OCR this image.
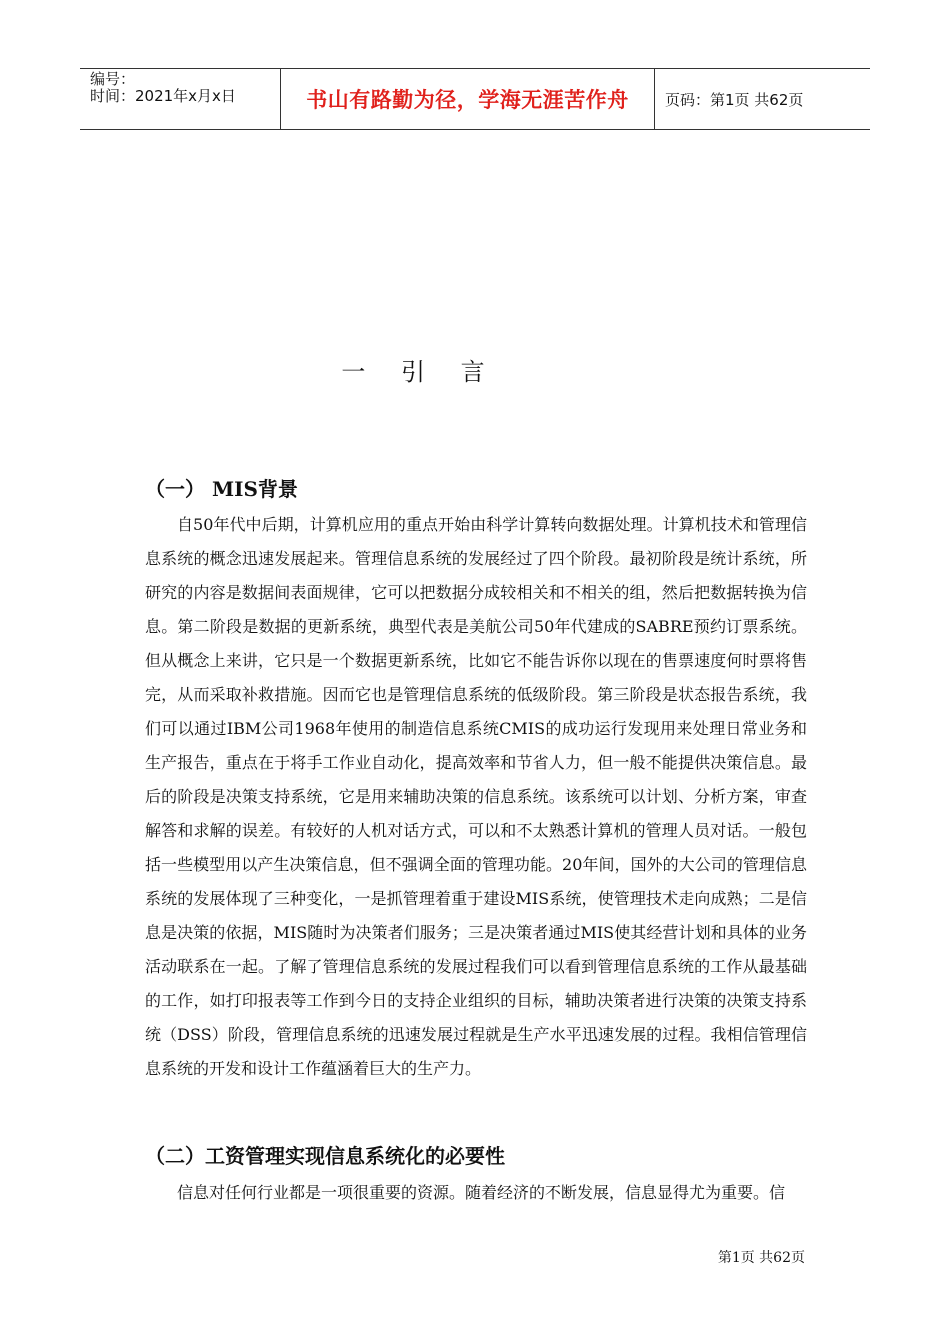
编号：
时间：2021年x月x日	书山有路勤为径，学海无涯苦作舟	页码：第1页 共62页
一 引 言
（一） MIS背景

自50年代中后期，计算机应用的重点开始由科学计算转向数据处理。计算机技术和管理信息系统的概念迅速发展起来。管理信息系统的发展经过了四个阶段。最初阶段是统计系统，所研究的内容是数据间表面规律，它可以把数据分成较相关和不相关的组，然后把数据转换为信息。第二阶段是数据的更新系统，典型代表是美航公司50年代建成的SABRE预约订票系统。但从概念上来讲，它只是一个数据更新系统，比如它不能告诉你以现在的售票速度何时票将售完，从而采取补救措施。因而它也是管理信息系统的低级阶段。第三阶段是状态报告系统，我们可以通过IBM公司1968年使用的制造信息系统CMIS的成功运行发现用来处理日常业务和生产报告，重点在于将手工作业自动化，提高效率和节省人力，但一般不能提供决策信息。最后的阶段是决策支持系统，它是用来辅助决策的信息系统。该系统可以计划、分析方案，审查解答和求解的误差。有较好的人机对话方式，可以和不太熟悉计算机的管理人员对话。一般包括一些模型用以产生决策信息，但不强调全面的管理功能。20年间，国外的大公司的管理信息系统的发展体现了三种变化，一是抓管理着重于建设MIS系统，使管理技术走向成熟；二是信息是决策的依据，MIS随时为决策者们服务；三是决策者通过MIS使其经营计划和具体的业务活动联系在一起。了解了管理信息系统的发展过程我们可以看到管理信息系统的工作从最基础的工作，如打印报表等工作到今日的支持企业组织的目标，辅助决策者进行决策的决策支持系统（DSS）阶段，管理信息系统的迅速发展过程就是生产水平迅速发展的过程。我相信管理信息系统的开发和设计工作蕴涵着巨大的生产力。

（二）工资管理实现信息系统化的必要性

信息对任何行业都是一项很重要的资源。随着经济的不断发展，信息显得尤为重要。信

第1页 共62页
